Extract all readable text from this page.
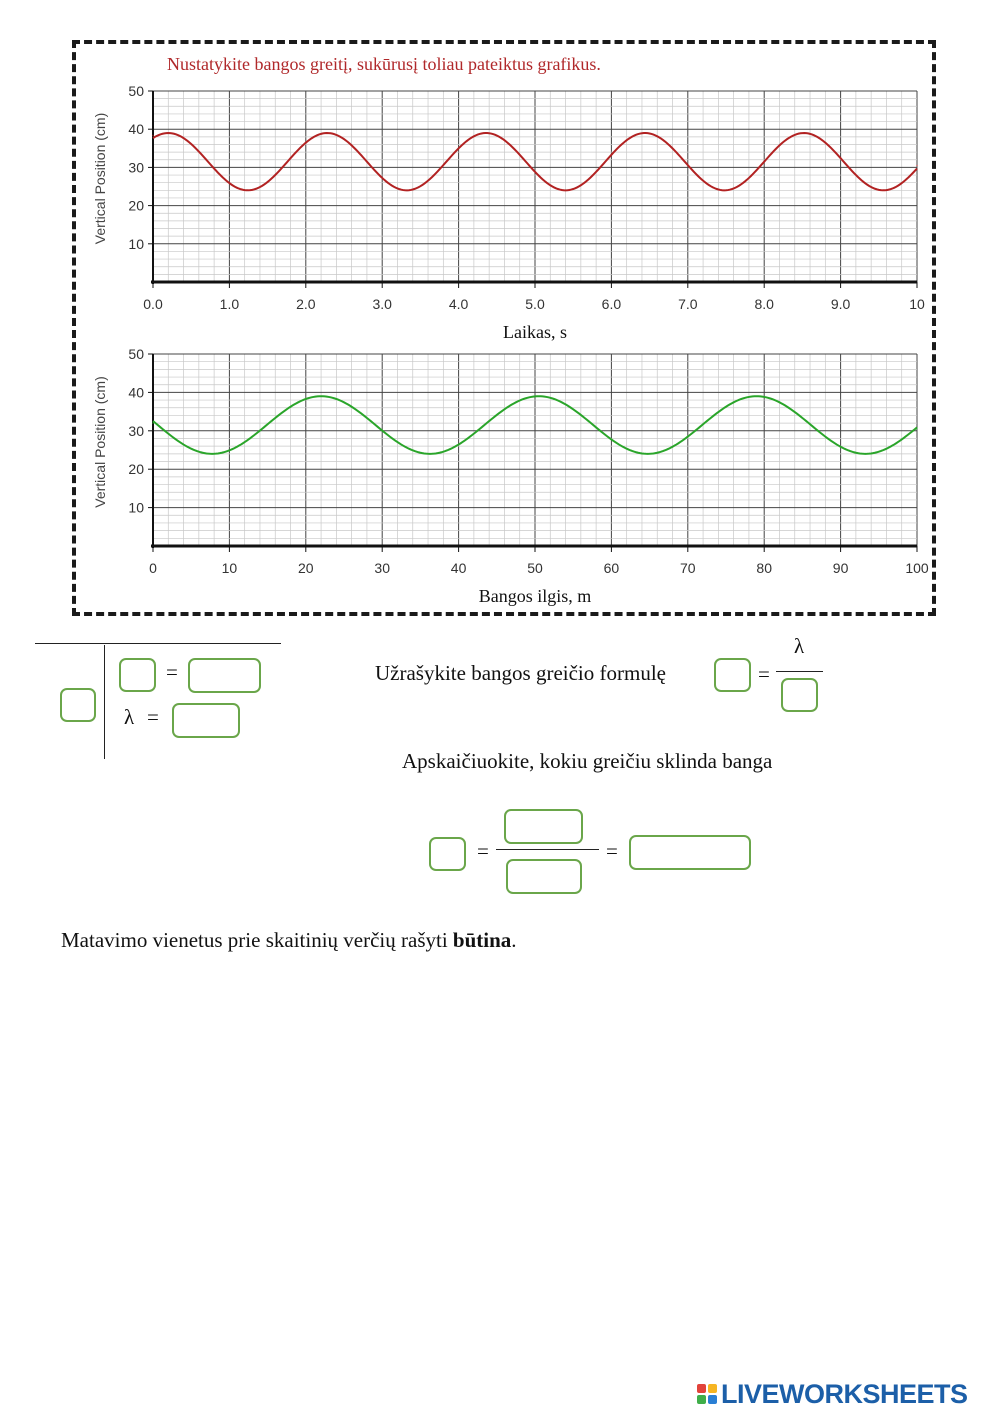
Nustatykite bangos greitį, sukūrusį toliau pateiktus grafikus.
0.0	1.0	2.0	3.0	4.0	5.0	6.0	7.0	8.0	9.0	10
10
20
30
40
50
Vertical Position (cm)
Laikas, s
0	10	20	30	40	50	60	70	80	90	100
10
20
30
40
50
Vertical Position (cm)
Bangos ilgis, m
=
λ =
Užrašykite bangos greičio formulę	=
λ
Apskaičiuokite, kokiu greičiu sklinda banga
=	=
Matavimo vienetus prie skaitinių verčių rašyti būtina.
LIVEWORKSHEETS
